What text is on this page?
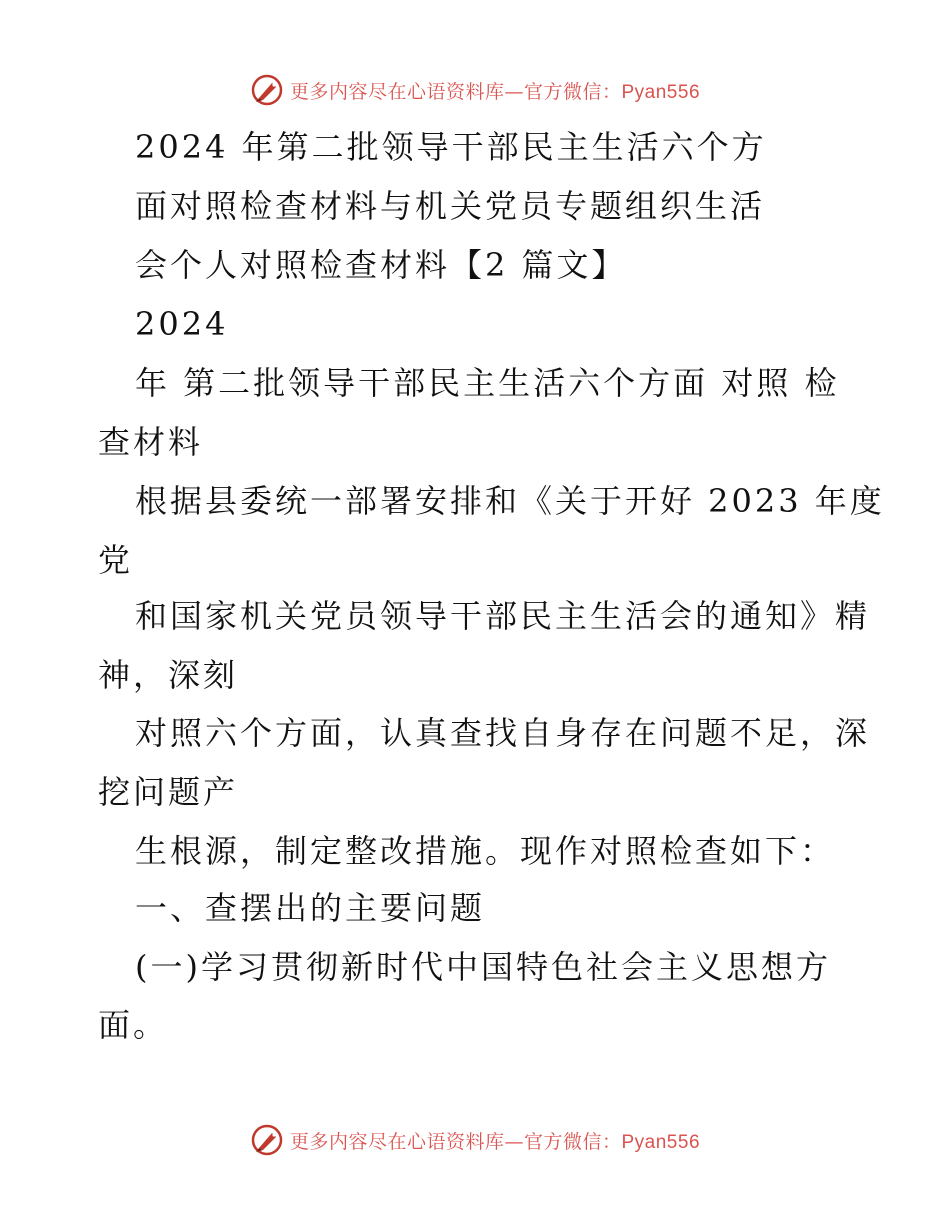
更多内容尽在心语资料库—官方微信：Pyan556
2024 年第二批领导干部民主生活六个方
面对照检查材料与机关党员专题组织生活
会个人对照检查材料【2 篇文】
2024
年 第二批领导干部民主生活六个方面 对照 检
查材料
根据县委统一部署安排和《关于开好 2023 年度
党
和国家机关党员领导干部民主生活会的通知》精
神，深刻
对照六个方面，认真查找自身存在问题不足，深
挖问题产
生根源，制定整改措施。现作对照检查如下：
一、查摆出的主要问题
(一)学习贯彻新时代中国特色社会主义思想方
面。
更多内容尽在心语资料库—官方微信：Pyan556
